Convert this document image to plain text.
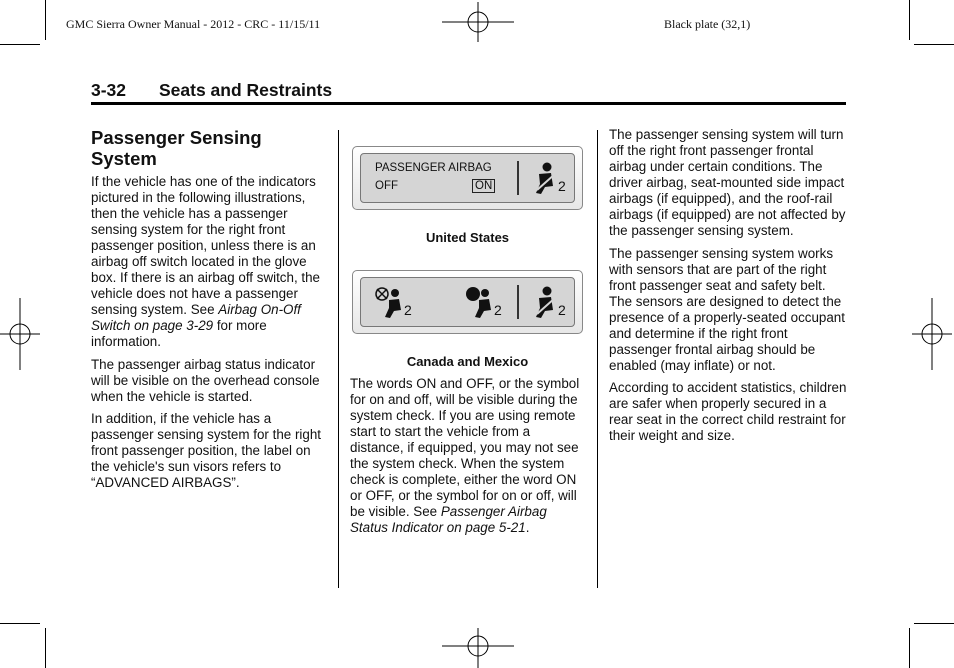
GMC Sierra Owner Manual - 2012 - CRC - 11/15/11	Black plate (32,1)
3-32 Seats and Restraints
Passenger Sensing System

If the vehicle has one of the indicators pictured in the following illustrations, then the vehicle has a passenger sensing system for the right front passenger position, unless there is an airbag off switch located in the glove box. If there is an airbag off switch, the vehicle does not have a passenger sensing system. See Airbag On-Off Switch on page 3-29 for more information.

The passenger airbag status indicator will be visible on the overhead console when the vehicle is started.

In addition, if the vehicle has a passenger sensing system for the right front passenger position, the label on the vehicle's sun visors refers to “ADVANCED AIRBAGS”.

PASSENGER AIRBAG
OFF	ON	2
United States
2	2	2
Canada and Mexico

The words ON and OFF, or the symbol for on and off, will be visible during the system check. If you are using remote start to start the vehicle from a distance, if equipped, you may not see the system check. When the system check is complete, either the word ON or OFF, or the symbol for on or off, will be visible. See Passenger Airbag Status Indicator on page 5-21.

The passenger sensing system will turn off the right front passenger frontal airbag under certain conditions. The driver airbag, seat-mounted side impact airbags (if equipped), and the roof-rail airbags (if equipped) are not affected by the passenger sensing system.

The passenger sensing system works with sensors that are part of the right front passenger seat and safety belt. The sensors are designed to detect the presence of a properly-seated occupant and determine if the right front passenger frontal airbag should be enabled (may inflate) or not.

According to accident statistics, children are safer when properly secured in a rear seat in the correct child restraint for their weight and size.
